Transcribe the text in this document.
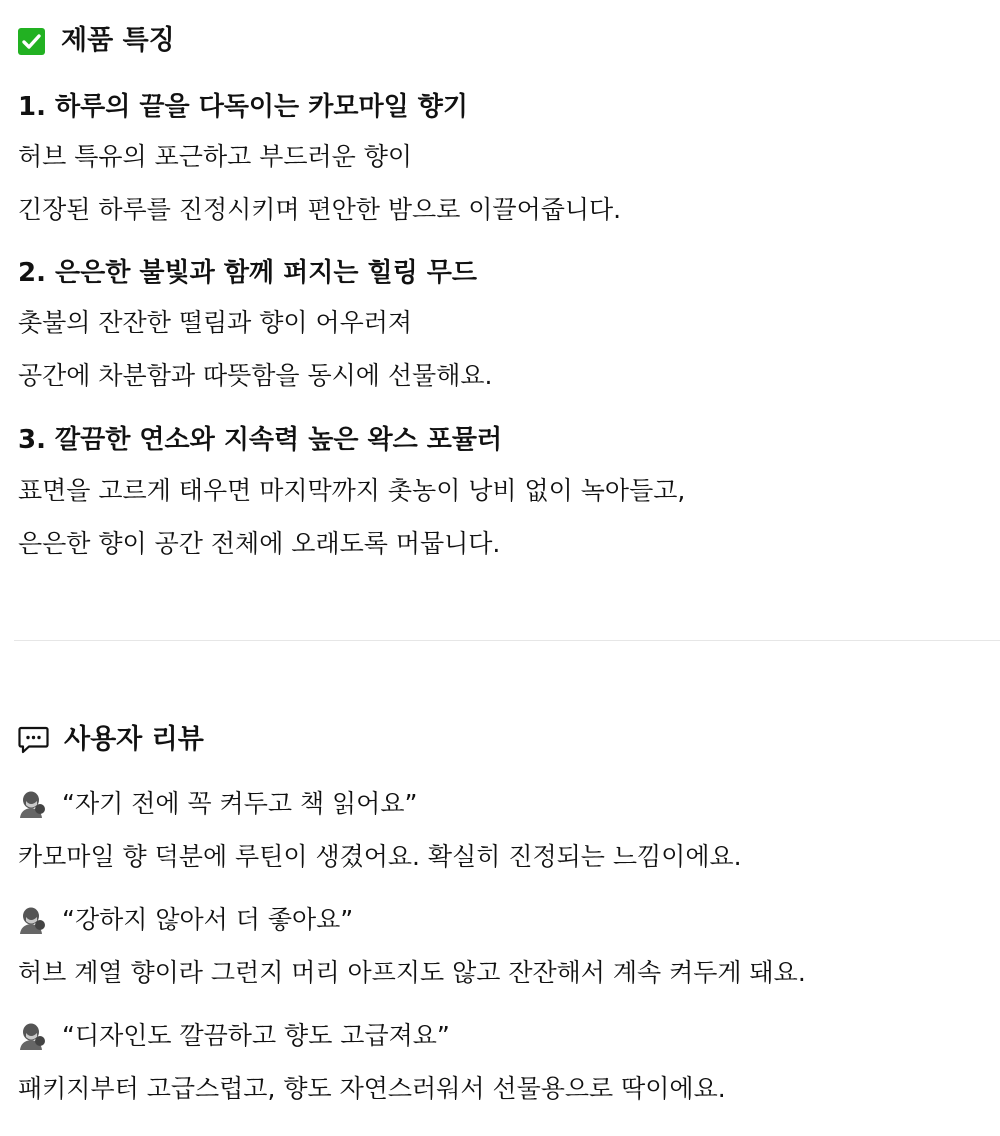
제품 특징
1. 하루의 끝을 다독이는 카모마일 향기
허브 특유의 포근하고 부드러운 향이
긴장된 하루를 진정시키며 편안한 밤으로 이끌어줍니다.
2. 은은한 불빛과 함께 퍼지는 힐링 무드
촛불의 잔잔한 떨림과 향이 어우러져
공간에 차분함과 따뜻함을 동시에 선물해요.
3. 깔끔한 연소와 지속력 높은 왁스 포뮬러
표면을 고르게 태우면 마지막까지 촛농이 낭비 없이 녹아들고,
은은한 향이 공간 전체에 오래도록 머뭅니다.
사용자 리뷰
“자기 전에 꼭 켜두고 책 읽어요”
카모마일 향 덕분에 루틴이 생겼어요. 확실히 진정되는 느낌이에요.
“강하지 않아서 더 좋아요”
허브 계열 향이라 그런지 머리 아프지도 않고 잔잔해서 계속 켜두게 돼요.
“디자인도 깔끔하고 향도 고급져요”
패키지부터 고급스럽고, 향도 자연스러워서 선물용으로 딱이에요.
